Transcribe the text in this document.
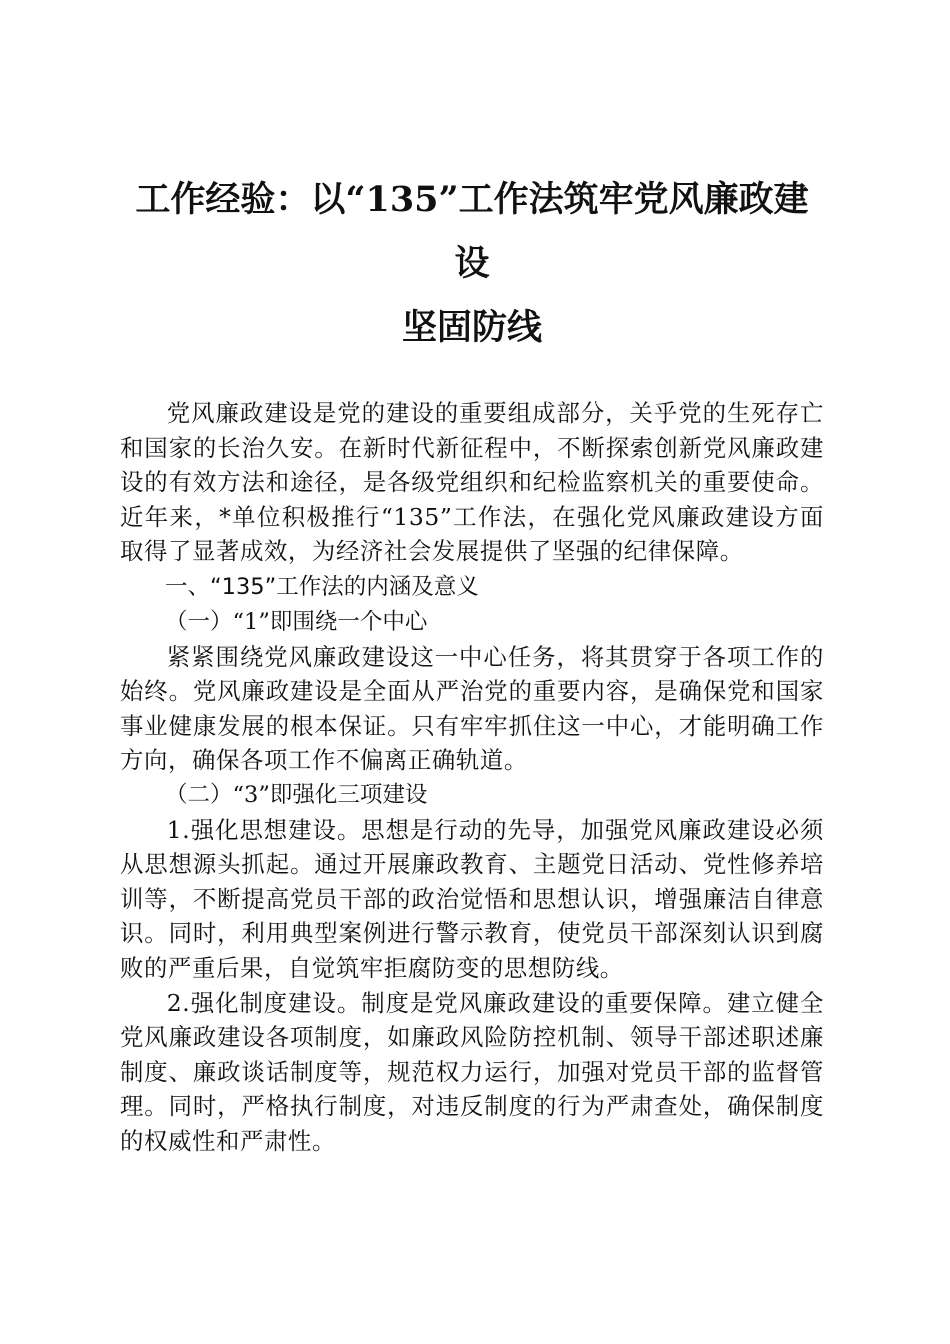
工作经验：以“135”工作法筑牢党风廉政建设
坚固防线

党风廉政建设是党的建设的重要组成部分，关乎党的生死存亡和国家的长治久安。在新时代新征程中，不断探索创新党风廉政建设的有效方法和途径，是各级党组织和纪检监察机关的重要使命。近年来，*单位积极推行“135”工作法，在强化党风廉政建设方面取得了显著成效，为经济社会发展提供了坚强的纪律保障。

一、“135”工作法的内涵及意义

（一）“1”即围绕一个中心

紧紧围绕党风廉政建设这一中心任务，将其贯穿于各项工作的始终。党风廉政建设是全面从严治党的重要内容，是确保党和国家事业健康发展的根本保证。只有牢牢抓住这一中心，才能明确工作方向，确保各项工作不偏离正确轨道。

（二）“3”即强化三项建设

1.强化思想建设。思想是行动的先导，加强党风廉政建设必须从思想源头抓起。通过开展廉政教育、主题党日活动、党性修养培训等，不断提高党员干部的政治觉悟和思想认识，增强廉洁自律意识。同时，利用典型案例进行警示教育，使党员干部深刻认识到腐败的严重后果，自觉筑牢拒腐防变的思想防线。

2.强化制度建设。制度是党风廉政建设的重要保障。建立健全党风廉政建设各项制度，如廉政风险防控机制、领导干部述职述廉制度、廉政谈话制度等，规范权力运行，加强对党员干部的监督管理。同时，严格执行制度，对违反制度的行为严肃查处，确保制度的权威性和严肃性。
